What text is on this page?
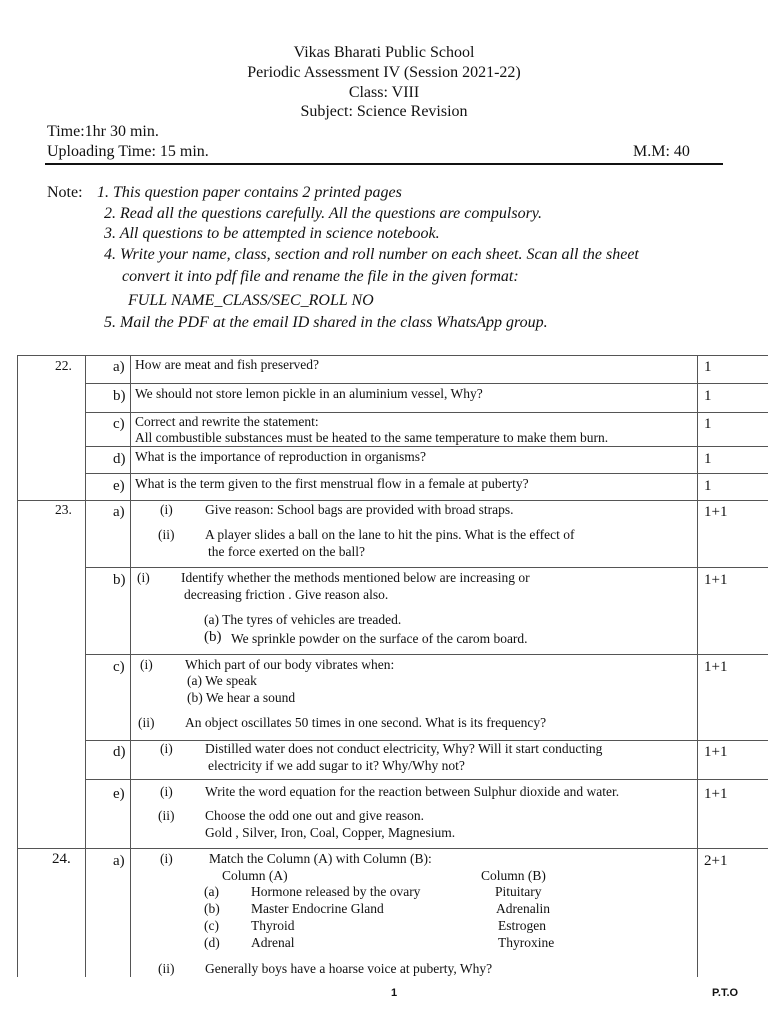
Vikas Bharati Public School
Periodic Assessment IV (Session 2021-22)
Class: VIII
Subject: Science Revision
Time:1hr 30 min.
Uploading Time: 15 min.	M.M: 40
Note: 1. This question paper contains 2 printed pages
2. Read all the questions carefully. All the questions are compulsory.
3. All questions to be attempted in science notebook.
4. Write your name, class, section and roll number on each sheet. Scan all the sheet
convert it into pdf file and rename the file in the given format:
FULL NAME_CLASS/SEC_ROLL NO
5. Mail the PDF at the email ID shared in the class WhatsApp group.
22.	a) How are meat and fish preserved?	1
b) We should not store lemon pickle in an aluminium vessel, Why?	1
c) Correct and rewrite the statement:
All combustible substances must be heated to the same temperature to make them burn.
1
d) What is the importance of reproduction in organisms?	1
e) What is the term given to the first menstrual flow in a female at puberty?	1
23.	a)	(i) Give reason: School bags are provided with broad straps.
(ii) A player slides a ball on the lane to hit the pins. What is the effect of
the force exerted on the ball?
1+1
b) (i) Identify whether the methods mentioned below are increasing or
decreasing friction . Give reason also.
(a) The tyres of vehicles are treaded.
(b) We sprinkle powder on the surface of the carom board.
1+1
c) (i) Which part of our body vibrates when:
(a) We speak
(b) We hear a sound
(ii) An object oscillates 50 times in one second. What is its frequency?
1+1
d)	(i) Distilled water does not conduct electricity, Why? Will it start conducting
electricity if we add sugar to it? Why/Why not?
1+1
e)	(i) Write the word equation for the reaction between Sulphur dioxide and water.
(ii) Choose the odd one out and give reason.
Gold , Silver, Iron, Coal, Copper, Magnesium.
1+1
24.	a)	(i)	Match the Column (A) with Column (B):
Column (A)	Column (B)
(a) Hormone released by the ovary	Pituitary
(b) Master Endocrine Gland	Adrenalin
(c) Thyroid	Estrogen
(d) Adrenal	Thyroxine
(ii) Generally boys have a hoarse voice at puberty, Why?
2+1
1	P.T.O
